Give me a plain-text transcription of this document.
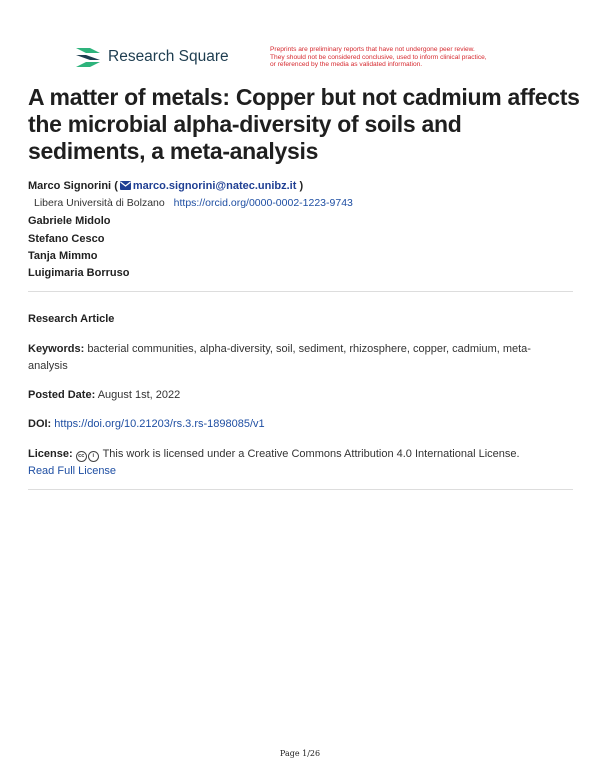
Research Square	Preprints are preliminary reports that have not undergone peer review.
They should not be considered conclusive, used to inform clinical practice,
or referenced by the media as validated information.
A matter of metals: Copper but not cadmium affects the microbial alpha-diversity of soils and sediments, a meta-analysis
Marco Signorini ( marco.signorini@natec.unibz.it )
Libera Università di Bolzano https://orcid.org/0000-0002-1223-9743
Gabriele Midolo
Stefano Cesco
Tanja Mimmo
Luigimaria Borruso
Research Article
Keywords: bacterial communities, alpha-diversity, soil, sediment, rhizosphere, copper, cadmium, meta-analysis
Posted Date: August 1st, 2022
DOI: https://doi.org/10.21203/rs.3.rs-1898085/v1
License: cc i This work is licensed under a Creative Commons Attribution 4.0 International License.
Read Full License
Page 1/26
